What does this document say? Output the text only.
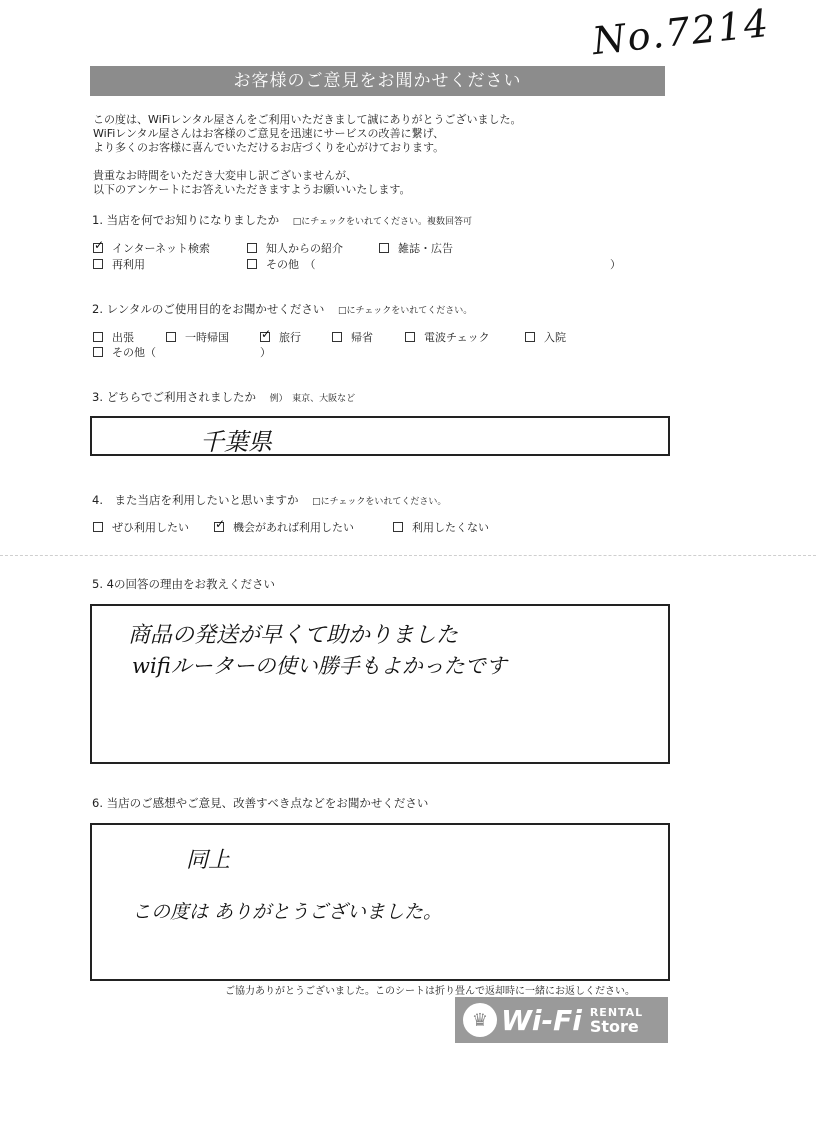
No.7214
お客様のご意見をお聞かせください
この度は、WiFiレンタル屋さんをご利用いただきまして誠にありがとうございました。
WiFiレンタル屋さんはお客様のご意見を迅速にサービスの改善に繋げ、
より多くのお客様に喜んでいただけるお店づくりを心がけております。
貴重なお時間をいただき大変申し訳ございませんが、
以下のアンケートにお答えいただきますようお願いいたします。
1. 当店を何でお知りになりましたか □にチェックをいれてください。複数回答可
✓
インターネット検索	知人からの紹介	雑誌・広告
再利用	その他　（	）
2. レンタルのご使用目的をお聞かせください □にチェックをいれてください。
出張	一時帰国 ✓	旅行	帰省	電波チェック	入院
その他（	）
3. どちらでご利用されましたか 例）　東京、大阪など
千葉県
4.　また当店を利用したいと思いますか □にチェックをいれてください。
ぜひ利用したい ✓	機会があれば利用したい	利用したくない
5. 4の回答の理由をお教えください
商品の発送が早くて助かりました
wifiルーターの使い勝手もよかったです
6. 当店のご感想やご意見、改善すべき点などをお聞かせください
同上
この度は ありがとうございました。
ご協力ありがとうございました。このシートは折り畳んで返却時に一緒にお返しください。
♛ Wi-Fi RENTAL
Store
